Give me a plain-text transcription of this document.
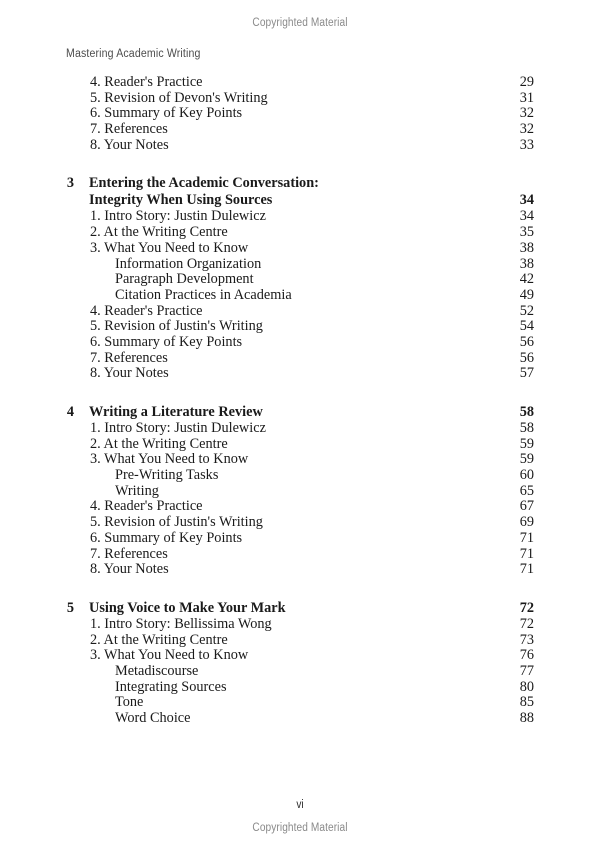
Copyrighted Material
Mastering Academic Writing
4. Reader's Practice	29
5. Revision of Devon's Writing	31
6. Summary of Key Points	32
7. References	32
8. Your Notes	33
3 Entering the Academic Conversation:
Integrity When Using Sources	34
1. Intro Story: Justin Dulewicz	34
2. At the Writing Centre	35
3. What You Need to Know	38
Information Organization	38
Paragraph Development	42
Citation Practices in Academia	49
4. Reader's Practice	52
5. Revision of Justin's Writing	54
6. Summary of Key Points	56
7. References	56
8. Your Notes	57
4 Writing a Literature Review	58
1. Intro Story: Justin Dulewicz	58
2. At the Writing Centre	59
3. What You Need to Know	59
Pre-Writing Tasks	60
Writing	65
4. Reader's Practice	67
5. Revision of Justin's Writing	69
6. Summary of Key Points	71
7. References	71
8. Your Notes	71
5 Using Voice to Make Your Mark	72
1. Intro Story: Bellissima Wong	72
2. At the Writing Centre	73
3. What You Need to Know	76
Metadiscourse	77
Integrating Sources	80
Tone	85
Word Choice	88
vi
Copyrighted Material
